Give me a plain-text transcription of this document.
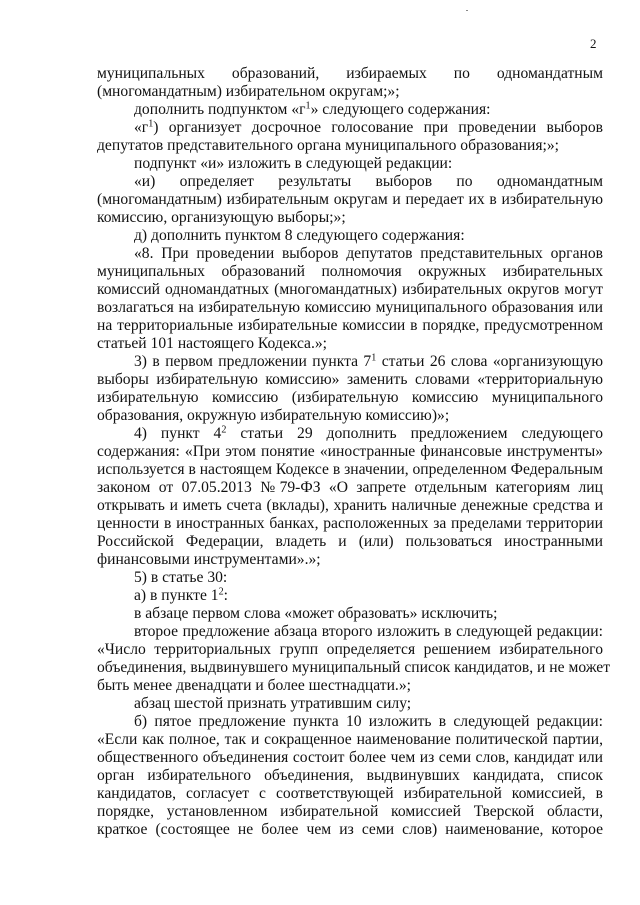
2
муниципальных образований, избираемых по одномандатным
(многомандатным) избирательном округам;»;
дополнить подпунктом «$г^1$» следующего содержания:
«$г^1$) организует досрочное голосование при проведении выборов
депутатов представительного органа муниципального образования;»;
подпункт «и» изложить в следующей редакции:
«и) определяет результаты выборов по одномандатным
(многомандатным) избирательным округам и передает их в избирательную
комиссию, организующую выборы;»;
д) дополнить пунктом 8 следующего содержания:
«8. При проведении выборов депутатов представительных органов
муниципальных образований полномочия окружных избирательных
комиссий одномандатных (многомандатных) избирательных округов могут
возлагаться на избирательную комиссию муниципального образования или
на территориальные избирательные комиссии в порядке, предусмотренном
статьей 101 настоящего Кодекса.»;
3) в первом предложении пункта $7^1$ статьи 26 слова «организующую
выборы избирательную комиссию» заменить словами «территориальную
избирательную комиссию (избирательную комиссию муниципального
образования, окружную избирательную комиссию)»;
4) пункт $4^2$ статьи 29 дополнить предложением следующего
содержания: «При этом понятие «иностранные финансовые инструменты»
используется в настоящем Кодексе в значении, определенном Федеральным
законом от 07.05.2013 №79-ФЗ «О запрете отдельным категориям лиц
открывать и иметь счета (вклады), хранить наличные денежные средства и
ценности в иностранных банках, расположенных за пределами территории
Российской Федерации, владеть и (или) пользоваться иностранными
финансовыми инструментами».»;
5) в статье 30:
а) в пункте $1^2$:
в абзаце первом слова «может образовать» исключить;
второе предложение абзаца второго изложить в следующей редакции:
«Число территориальных групп определяется решением избирательного
объединения, выдвинувшего муниципальный список кандидатов, и не может
быть менее двенадцати и более шестнадцати.»;
абзац шестой признать утратившим силу;
б) пятое предложение пункта 10 изложить в следующей редакции:
«Если как полное, так и сокращенное наименование политической партии,
общественного объединения состоит более чем из семи слов, кандидат или
орган избирательного объединения, выдвинувших кандидата, список
кандидатов, согласует с соответствующей избирательной комиссией, в
порядке, установленном избирательной комиссией Тверской области,
краткое (состоящее не более чем из семи слов) наименование, которое
